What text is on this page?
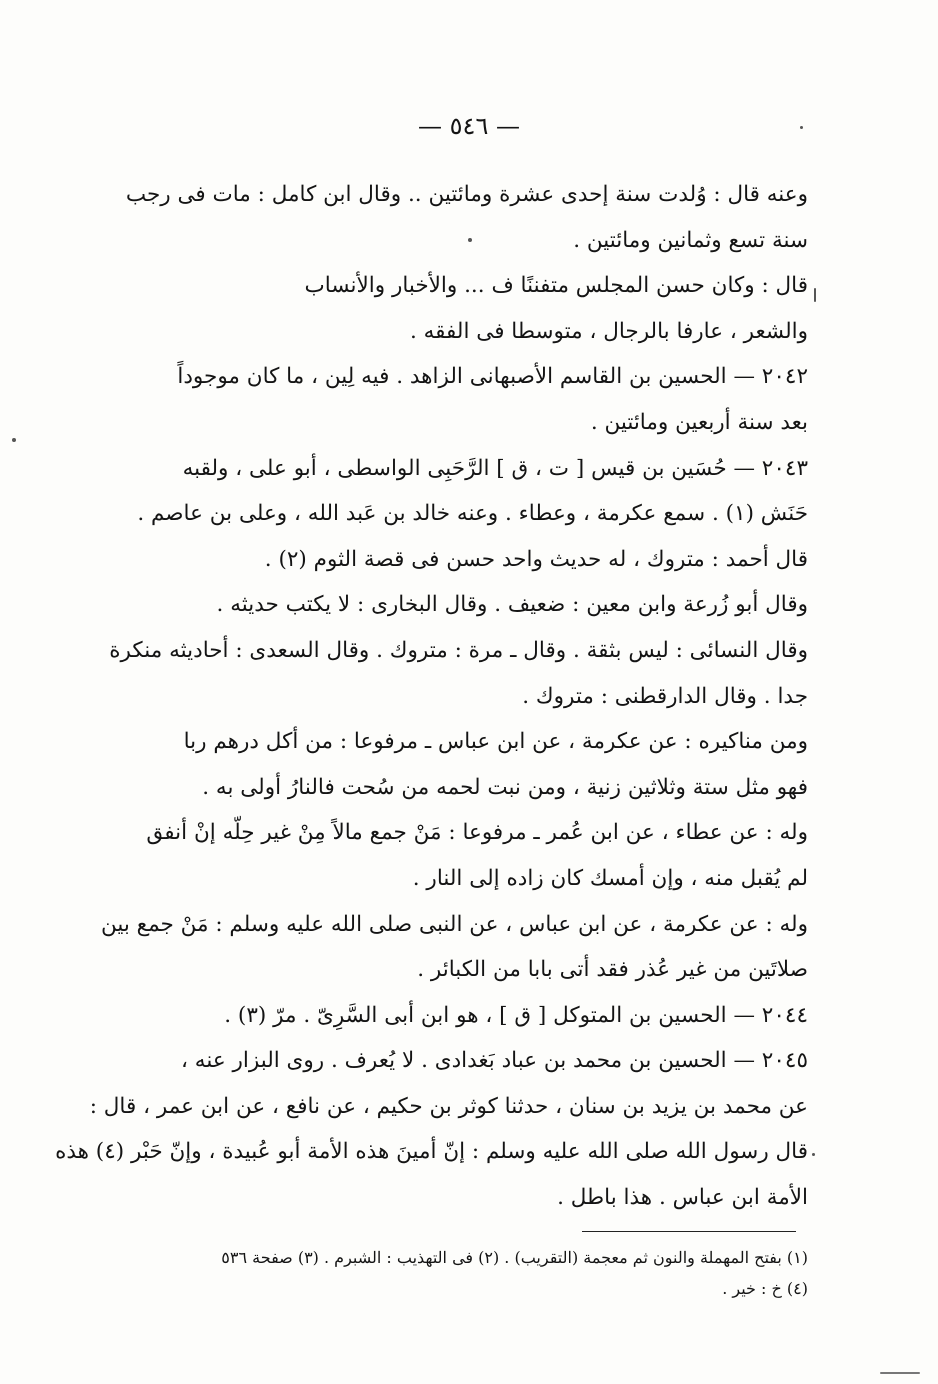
— ٥٤٦ —
وعنه قال : وُلدت سنة إحدى عشرة ومائتين .. وقال ابن كامل : مات فى رجب
سنة تسع وثمانين ومائتين .
قال : وكان حسن المجلس متفننًا ف ... والأخبار والأنساب
والشعر ، عارفا بالرجال ، متوسطا فى الفقه .
٢٠٤٢ — الحسين بن القاسم الأصبهانى الزاهد . فيه لِين ، ما كان موجوداً
بعد سنة أربعين ومائتين .
٢٠٤٣ — حُسَين بن قيس [ ت ، ق ] الرَّحَبِى الواسطى ، أبو على ، ولقبه
حَنَش (١) . سمع عكرمة ، وعطاء . وعنه خالد بن عَبد الله ، وعلى بن عاصم .
قال أحمد : متروك ، له حديث واحد حسن فى قصة الثوم (٢) .
وقال أبو زُرعة وابن معين : ضعيف . وقال البخارى : لا يكتب حديثه .
وقال النسائى : ليس بثقة . وقال ـ مرة : متروك . وقال السعدى : أحاديثه منكرة
جدا . وقال الدارقطنى : متروك .
ومن مناكيره : عن عكرمة ، عن ابن عباس ـ مرفوعا : من أكل درهم ربا
فهو مثل ستة وثلاثين زنية ، ومن نبت لحمه من سُحت فالنارُ أولى به .
وله : عن عطاء ، عن ابن عُمر ـ مرفوعا : مَنْ جمع مالاً مِنْ غير حِلّه إنْ أنفق
لم يُقبل منه ، وإن أمسك كان زاده إلى النار .
وله : عن عكرمة ، عن ابن عباس ، عن النبى صلى الله عليه وسلم : مَنْ جمع بين
صلاتَين من غير عُذر فقد أتى بابا من الكبائر .
٢٠٤٤ — الحسين بن المتوكل [ ق ] ، هو ابن أبى السَّرِىّ . مرّ (٣) .
٢٠٤٥ — الحسين بن محمد بن عباد بَغدادى . لا يُعرف . روى البزار عنه ،
عن محمد بن يزيد بن سنان ، حدثنا كوثر بن حكيم ، عن نافع ، عن ابن عمر ، قال :
قال رسول الله صلى الله عليه وسلم : إنّ أمينَ هذه الأمة أبو عُبيدة ، وإنّ حَبْر (٤) هذه
الأمة ابن عباس . هذا باطل .
(١) بفتح المهملة والنون ثم معجمة (التقريب) . (٢) فى التهذيب : الشبرم . (٣) صفحة ٥٣٦
(٤) خ : خير .
